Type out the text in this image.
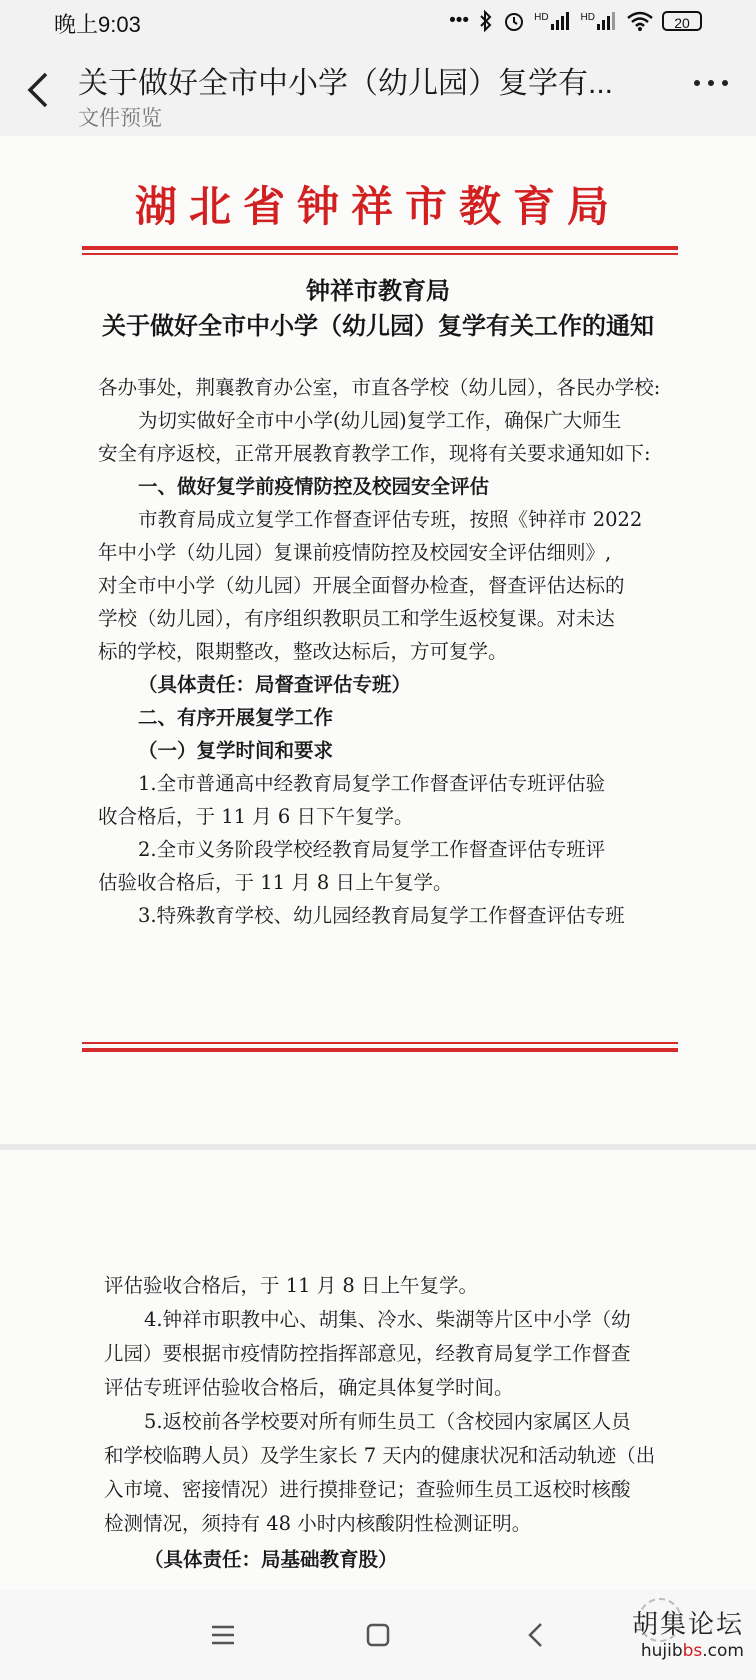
晚上9:03	•••	HD	HD	20
关于做好全市中小学（幼儿园）复学有...
文件预览
湖北省钟祥市教育局
钟祥市教育局
关于做好全市中小学（幼儿园）复学有关工作的通知
各办事处，荆襄教育办公室，市直各学校（幼儿园），各民办学校:
为切实做好全市中小学(幼儿园)复学工作，确保广大师生
安全有序返校，正常开展教育教学工作，现将有关要求通知如下:
一、做好复学前疫情防控及校园安全评估
市教育局成立复学工作督查评估专班，按照《钟祥市 2022
年中小学（幼儿园）复课前疫情防控及校园安全评估细则》,
对全市中小学（幼儿园）开展全面督办检查，督查评估达标的
学校（幼儿园），有序组织教职员工和学生返校复课。对未达
标的学校，限期整改，整改达标后，方可复学。
（具体责任：局督查评估专班）
二、有序开展复学工作
（一）复学时间和要求
1.全市普通高中经教育局复学工作督查评估专班评估验
收合格后，于 11 月 6 日下午复学。
2.全市义务阶段学校经教育局复学工作督查评估专班评
估验收合格后，于 11 月 8 日上午复学。
3.特殊教育学校、幼儿园经教育局复学工作督查评估专班
评估验收合格后，于 11 月 8 日上午复学。
4.钟祥市职教中心、胡集、冷水、柴湖等片区中小学（幼
儿园）要根据市疫情防控指挥部意见，经教育局复学工作督查
评估专班评估验收合格后，确定具体复学时间。
5.返校前各学校要对所有师生员工（含校园内家属区人员
和学校临聘人员）及学生家长 7 天内的健康状况和活动轨迹（出
入市境、密接情况）进行摸排登记；查验师生员工返校时核酸
检测情况，须持有 48 小时内核酸阴性检测证明。
（具体责任：局基础教育股）
胡集论坛
hujibbs.com
